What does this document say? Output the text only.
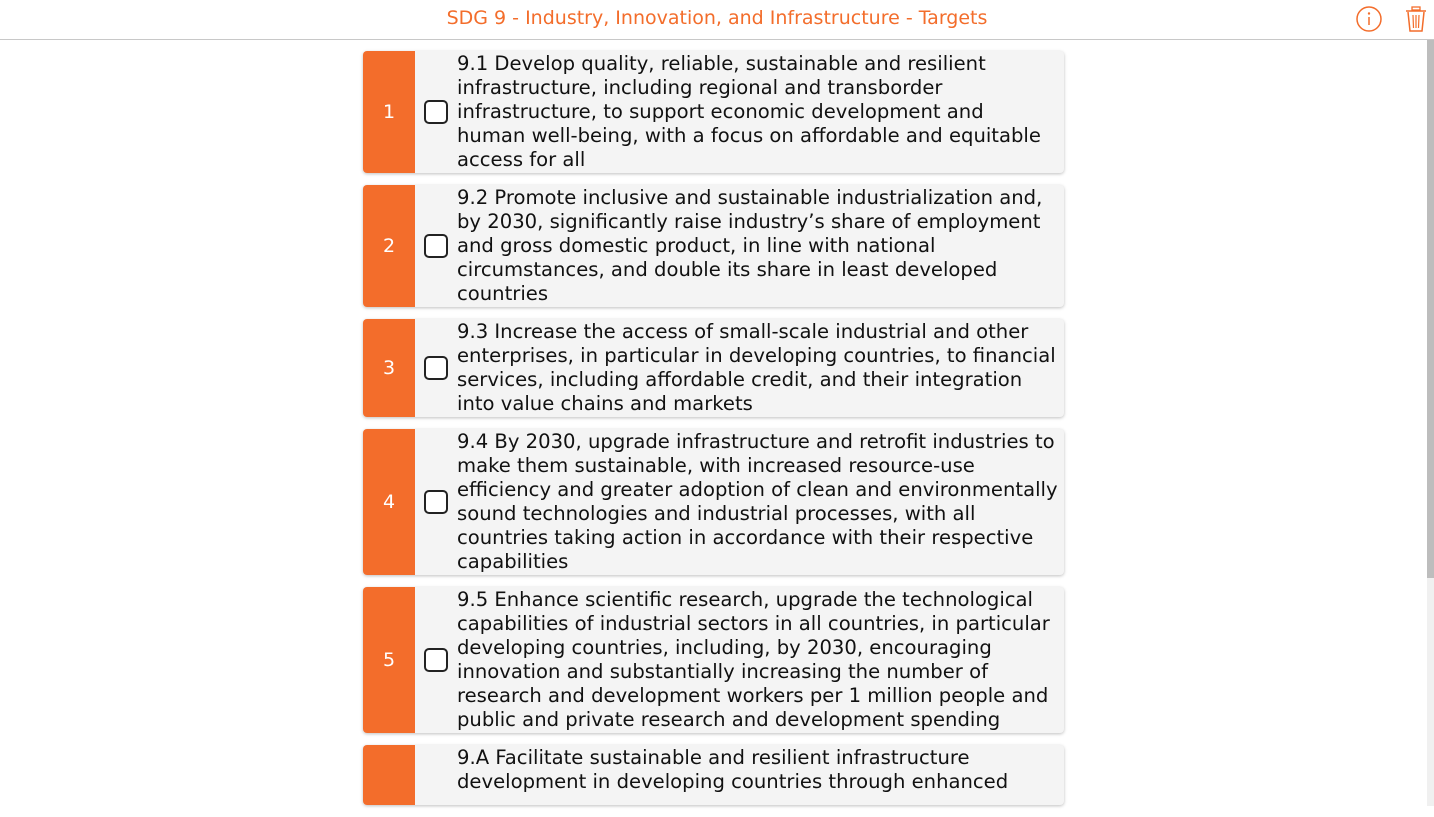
SDG 9 - Industry, Innovation, and Infrastructure - Targets
1
9.1 Develop quality, reliable, sustainable and resilient infrastructure, including regional and transborder infrastructure, to support economic development and human well-being, with a focus on affordable and equitable access for all
2
9.2 Promote inclusive and sustainable industrialization and, by 2030, significantly raise industry’s share of employment and gross domestic product, in line with national circumstances, and double its share in least developed countries
3
9.3 Increase the access of small-scale industrial and other enterprises, in particular in developing countries, to financial services, including affordable credit, and their integration into value chains and markets
4
9.4 By 2030, upgrade infrastructure and retrofit industries to make them sustainable, with increased resource-use efficiency and greater adoption of clean and environmentally sound technologies and industrial processes, with all countries taking action in accordance with their respective capabilities
5
9.5 Enhance scientific research, upgrade the technological capabilities of industrial sectors in all countries, in particular developing countries, including, by 2030, encouraging innovation and substantially increasing the number of research and development workers per 1 million people and public and private research and development spending
9.A Facilitate sustainable and resilient infrastructure development in developing countries through enhanced
